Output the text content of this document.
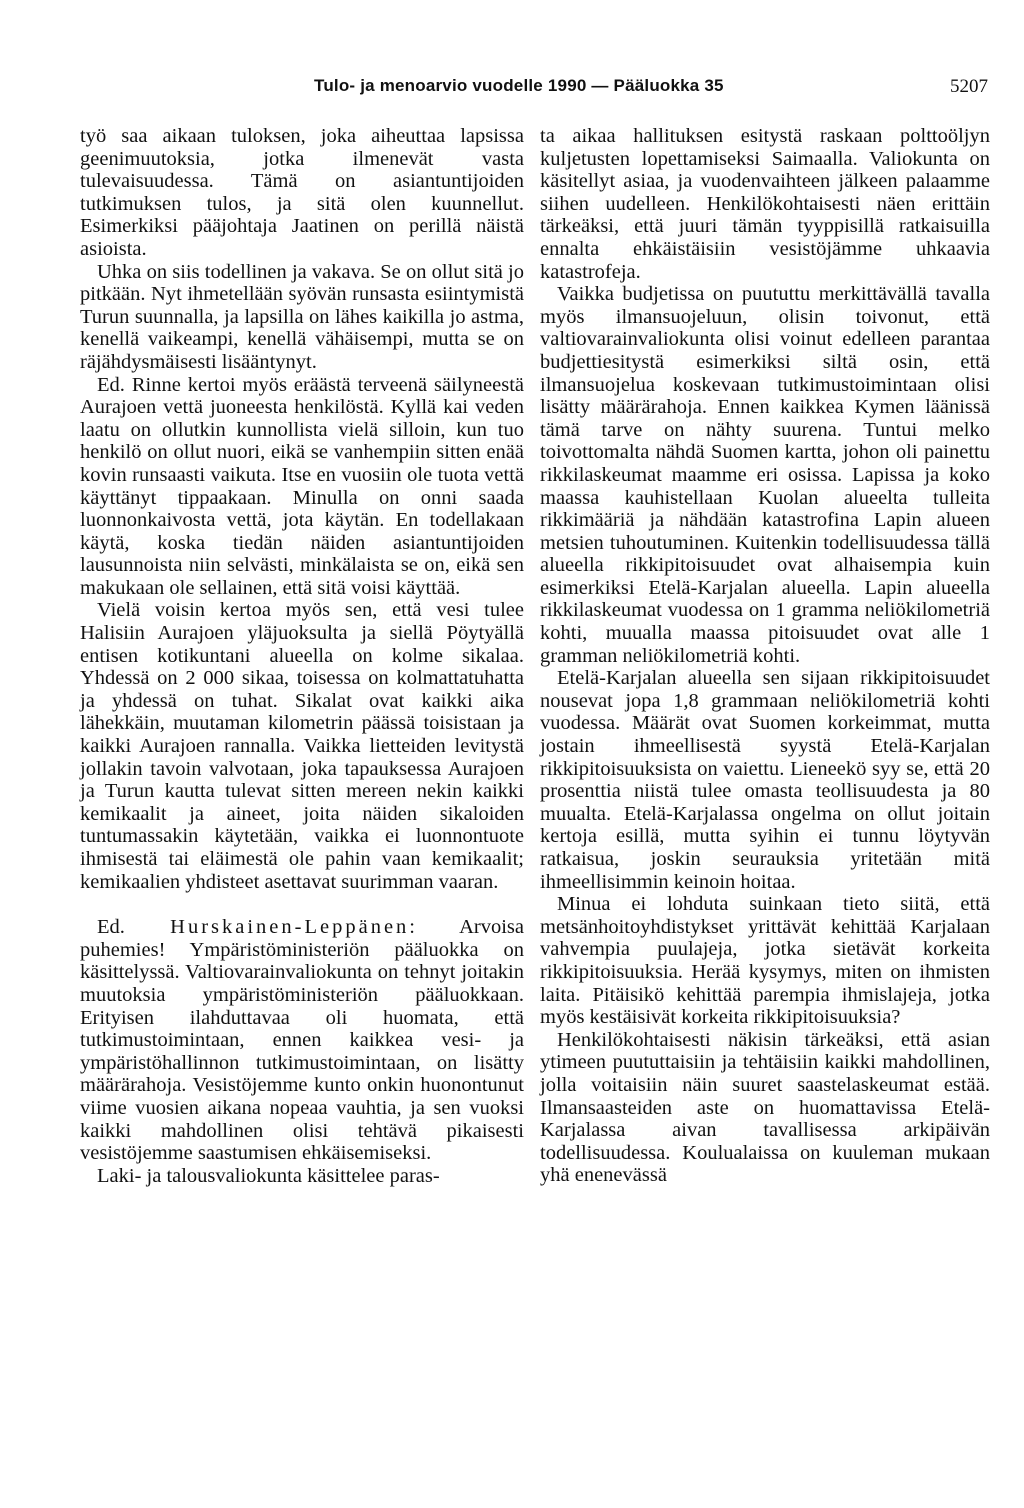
Tulo- ja menoarvio vuodelle 1990 — Pääluokka 35	5207

työ saa aikaan tuloksen, joka aiheuttaa lapsissa geenimuutoksia, jotka ilmenevät vasta tulevaisuudessa. Tämä on asiantuntijoiden tutkimuksen tulos, ja sitä olen kuunnellut. Esimerkiksi pääjohtaja Jaatinen on perillä näistä asioista.

Uhka on siis todellinen ja vakava. Se on ollut sitä jo pitkään. Nyt ihmetellään syövän runsasta esiintymistä Turun suunnalla, ja lapsilla on lähes kaikilla jo astma, kenellä vaikeampi, kenellä vähäisempi, mutta se on räjähdysmäisesti lisääntynyt.

Ed. Rinne kertoi myös eräästä terveenä säilyneestä Aurajoen vettä juoneesta henkilöstä. Kyllä kai veden laatu on ollutkin kunnollista vielä silloin, kun tuo henkilö on ollut nuori, eikä se vanhempiin sitten enää kovin runsaasti vaikuta. Itse en vuosiin ole tuota vettä käyttänyt tippaakaan. Minulla on onni saada luonnonkaivosta vettä, jota käytän. En todellakaan käytä, koska tiedän näiden asiantuntijoiden lausunnoista niin selvästi, minkälaista se on, eikä sen makukaan ole sellainen, että sitä voisi käyttää.

Vielä voisin kertoa myös sen, että vesi tulee Halisiin Aurajoen yläjuoksulta ja siellä Pöytyällä entisen kotikuntani alueella on kolme sikalaa. Yhdessä on 2 000 sikaa, toisessa on kolmattatuhatta ja yhdessä on tuhat. Sikalat ovat kaikki aika lähekkäin, muutaman kilometrin päässä toisistaan ja kaikki Aurajoen rannalla. Vaikka lietteiden levitystä jollakin tavoin valvotaan, joka tapauksessa Aurajoen ja Turun kautta tulevat sitten mereen nekin kaikki kemikaalit ja aineet, joita näiden sikaloiden tuntumassakin käytetään, vaikka ei luonnontuote ihmisestä tai eläimestä ole pahin vaan kemikaalit; kemikaalien yhdisteet asettavat suurimman vaaran.

Ed. Hurskainen-Leppänen: Arvoisa puhemies! Ympäristöministeriön pääluokka on käsittelyssä. Valtiovarainvaliokunta on tehnyt joitakin muutoksia ympäristöministeriön pääluokkaan. Erityisen ilahduttavaa oli huomata, että tutkimustoimintaan, ennen kaikkea vesi- ja ympäristöhallinnon tutkimustoimintaan, on lisätty määrärahoja. Vesistöjemme kunto onkin huonontunut viime vuosien aikana nopeaa vauhtia, ja sen vuoksi kaikki mahdollinen olisi tehtävä pikaisesti vesistöjemme saastumisen ehkäisemiseksi.

Laki- ja talousvaliokunta käsittelee paras-

ta aikaa hallituksen esitystä raskaan polttoöljyn kuljetusten lopettamiseksi Saimaalla. Valiokunta on käsitellyt asiaa, ja vuodenvaihteen jälkeen palaamme siihen uudelleen. Henkilökohtaisesti näen erittäin tärkeäksi, että juuri tämän tyyppisillä ratkaisuilla ennalta ehkäistäisiin vesistöjämme uhkaavia katastrofeja.

Vaikka budjetissa on puututtu merkittävällä tavalla myös ilmansuojeluun, olisin toivonut, että valtiovarainvaliokunta olisi voinut edelleen parantaa budjettiesitystä esimerkiksi siltä osin, että ilmansuojelua koskevaan tutkimustoimintaan olisi lisätty määrärahoja. Ennen kaikkea Kymen läänissä tämä tarve on nähty suurena. Tuntui melko toivottomalta nähdä Suomen kartta, johon oli painettu rikkilaskeumat maamme eri osissa. Lapissa ja koko maassa kauhistellaan Kuolan alueelta tulleita rikkimääriä ja nähdään katastrofina Lapin alueen metsien tuhoutuminen. Kuitenkin todellisuudessa tällä alueella rikkipitoisuudet ovat alhaisempia kuin esimerkiksi Etelä-Karjalan alueella. Lapin alueella rikkilaskeumat vuodessa on 1 gramma neliökilometriä kohti, muualla maassa pitoisuudet ovat alle 1 gramman neliökilometriä kohti.

Etelä-Karjalan alueella sen sijaan rikkipitoisuudet nousevat jopa 1,8 grammaan neliökilometriä kohti vuodessa. Määrät ovat Suomen korkeimmat, mutta jostain ihmeellisestä syystä Etelä-Karjalan rikkipitoisuuksista on vaiettu. Lieneekö syy se, että 20 prosenttia niistä tulee omasta teollisuudesta ja 80 muualta. Etelä-Karjalassa ongelma on ollut joitain kertoja esillä, mutta syihin ei tunnu löytyvän ratkaisua, joskin seurauksia yritetään mitä ihmeellisimmin keinoin hoitaa.

Minua ei lohduta suinkaan tieto siitä, että metsänhoitoyhdistykset yrittävät kehittää Karjalaan vahvempia puulajeja, jotka sietävät korkeita rikkipitoisuuksia. Herää kysymys, miten on ihmisten laita. Pitäisikö kehittää parempia ihmislajeja, jotka myös kestäisivät korkeita rikkipitoisuuksia?

Henkilökohtaisesti näkisin tärkeäksi, että asian ytimeen puututtaisiin ja tehtäisiin kaikki mahdollinen, jolla voitaisiin näin suuret saastelaskeumat estää. Ilmansaasteiden aste on huomattavissa Etelä-Karjalassa aivan tavallisessa arkipäivän todellisuudessa. Koulualaissa on kuuleman mukaan yhä enenevässä
